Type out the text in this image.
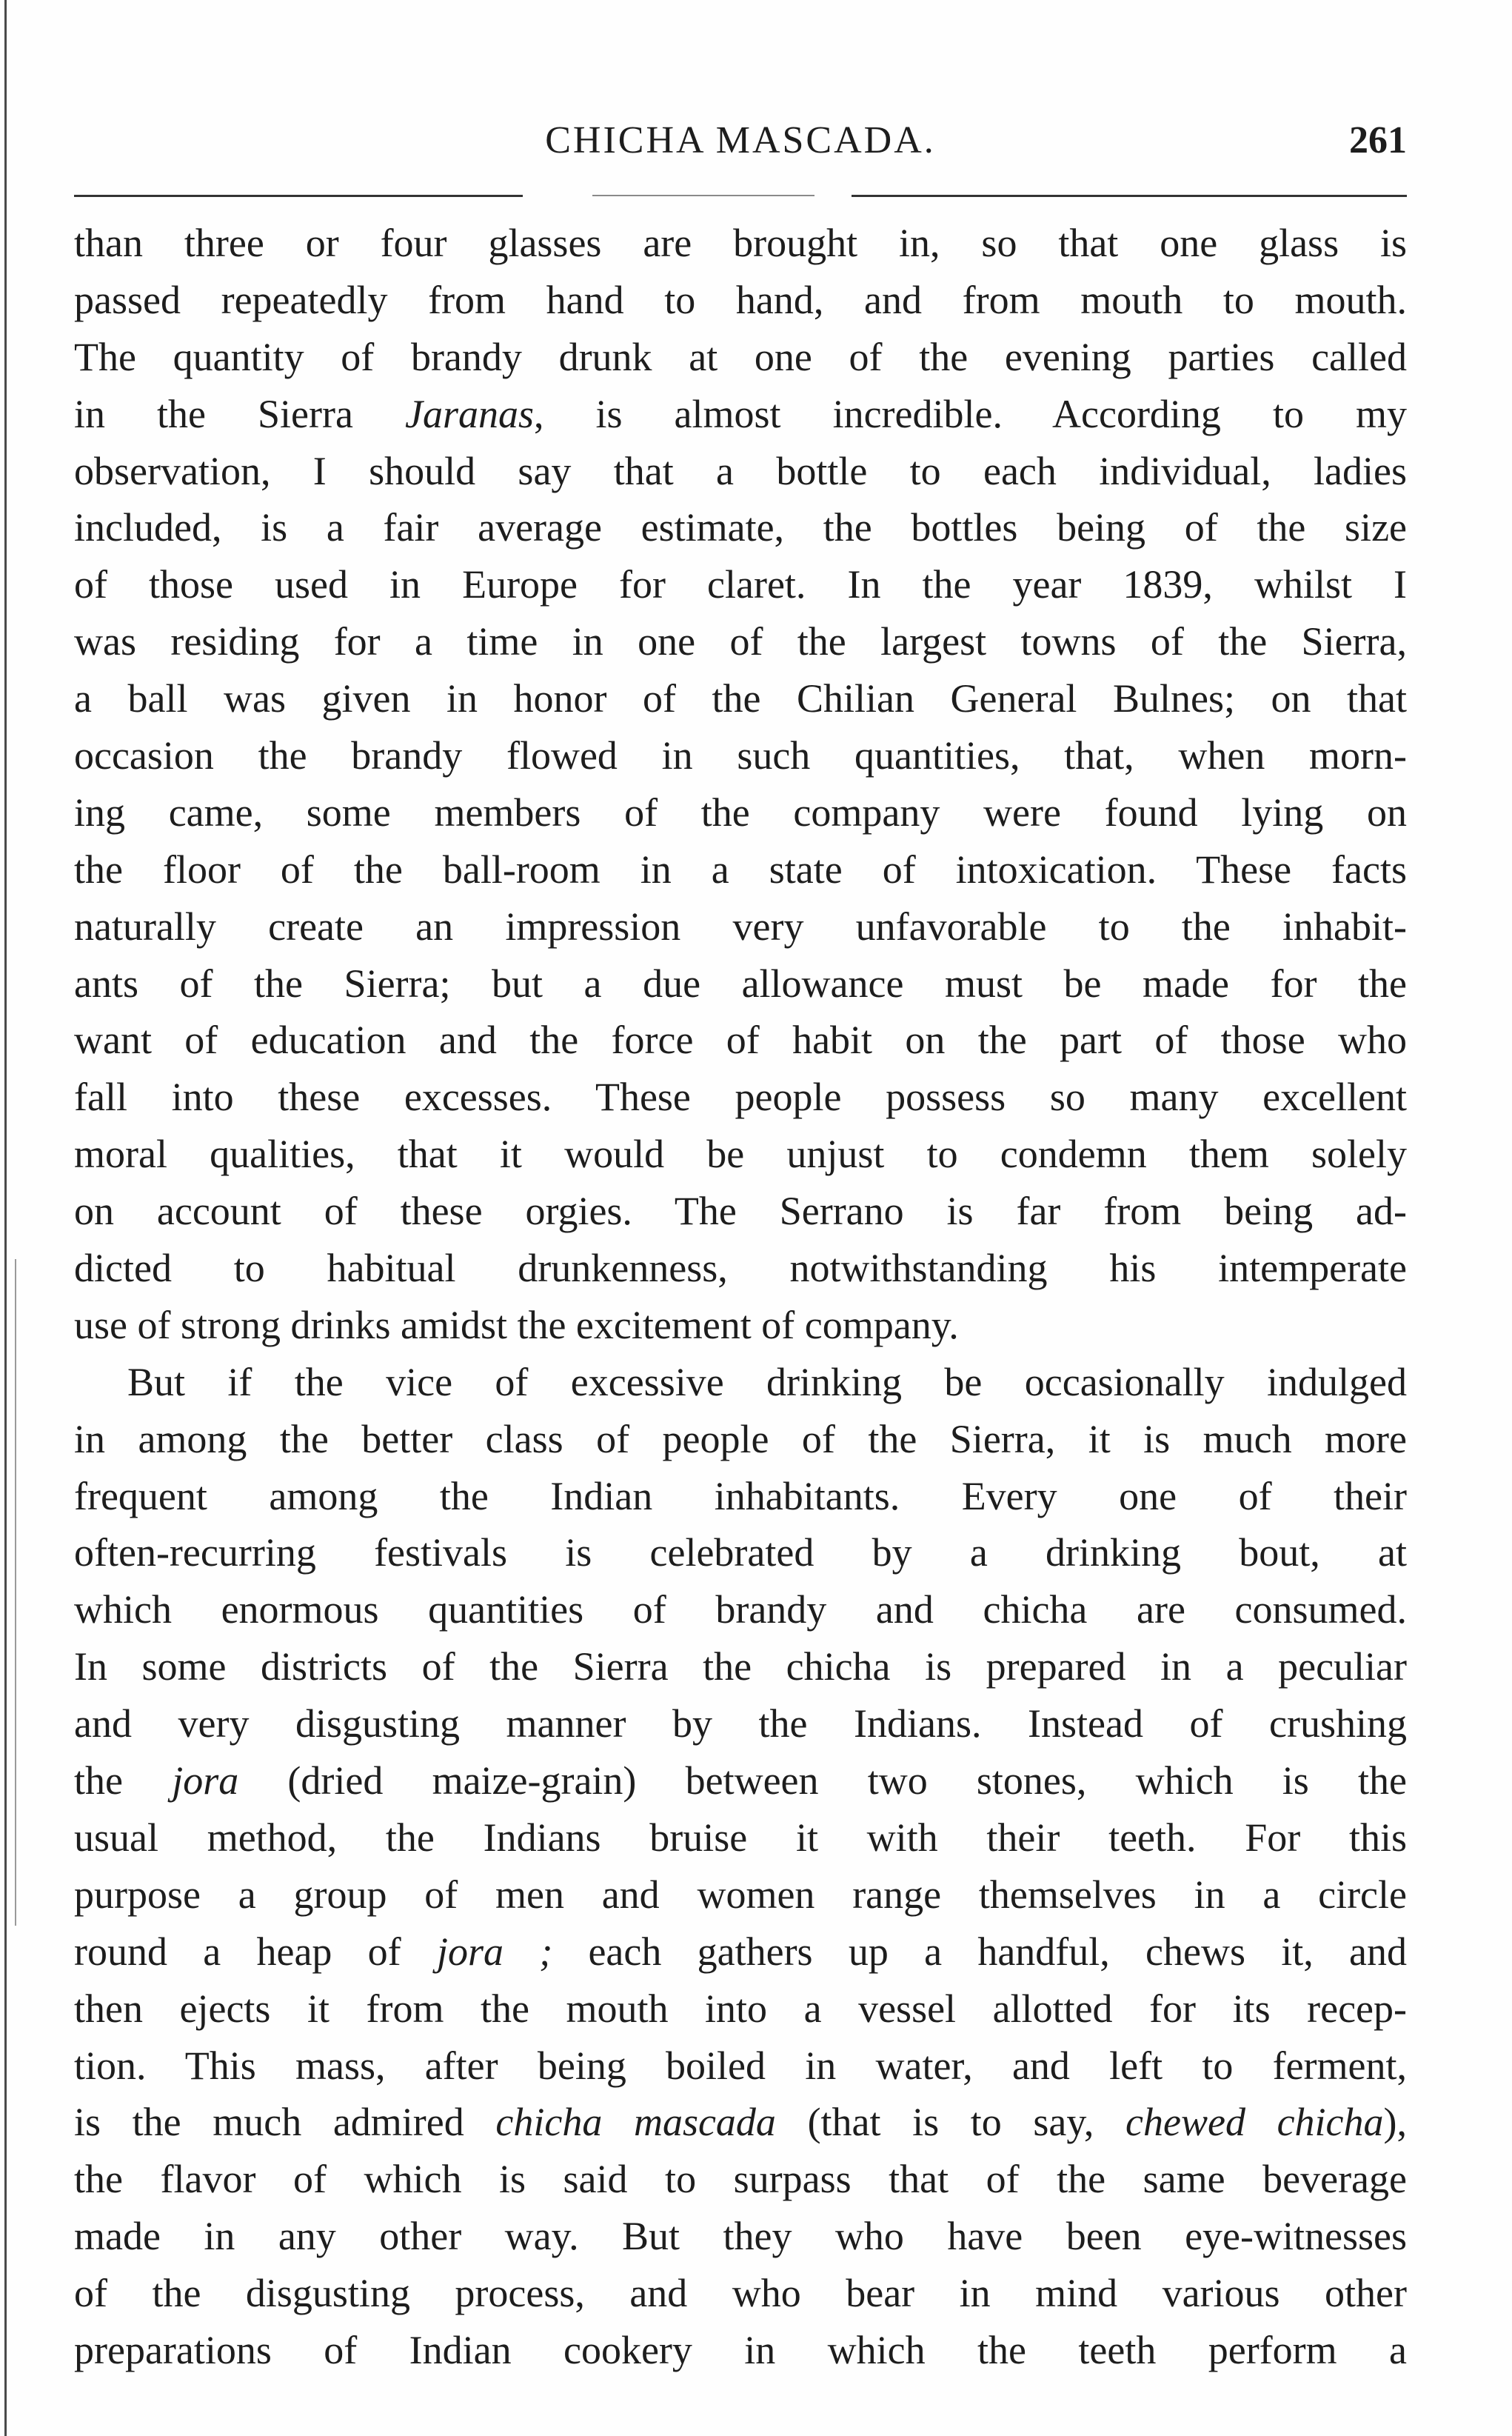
CHICHA MASCADA.	261
than three or four glasses are brought in, so that one glass is
passed repeatedly from hand to hand, and from mouth to mouth.
The quantity of brandy drunk at one of the evening parties called
in the Sierra Jaranas, is almost incredible. According to my
observation, I should say that a bottle to each individual, ladies
included, is a fair average estimate, the bottles being of the size
of those used in Europe for claret. In the year 1839, whilst I
was residing for a time in one of the largest towns of the Sierra,
a ball was given in honor of the Chilian General Bulnes; on that
occasion the brandy flowed in such quantities, that, when morn-
ing came, some members of the company were found lying on
the floor of the ball-room in a state of intoxication. These facts
naturally create an impression very unfavorable to the inhabit-
ants of the Sierra; but a due allowance must be made for the
want of education and the force of habit on the part of those who
fall into these excesses. These people possess so many excellent
moral qualities, that it would be unjust to condemn them solely
on account of these orgies. The Serrano is far from being ad-
dicted to habitual drunkenness, notwithstanding his intemperate
use of strong drinks amidst the excitement of company.
But if the vice of excessive drinking be occasionally indulged
in among the better class of people of the Sierra, it is much more
frequent among the Indian inhabitants. Every one of their
often-recurring festivals is celebrated by a drinking bout, at
which enormous quantities of brandy and chicha are consumed.
In some districts of the Sierra the chicha is prepared in a peculiar
and very disgusting manner by the Indians. Instead of crushing
the jora (dried maize-grain) between two stones, which is the
usual method, the Indians bruise it with their teeth. For this
purpose a group of men and women range themselves in a circle
round a heap of jora ; each gathers up a handful, chews it, and
then ejects it from the mouth into a vessel allotted for its recep-
tion. This mass, after being boiled in water, and left to ferment,
is the much admired chicha mascada (that is to say, chewed chicha),
the flavor of which is said to surpass that of the same beverage
made in any other way. But they who have been eye-witnesses
of the disgusting process, and who bear in mind various other
preparations of Indian cookery in which the teeth perform a
